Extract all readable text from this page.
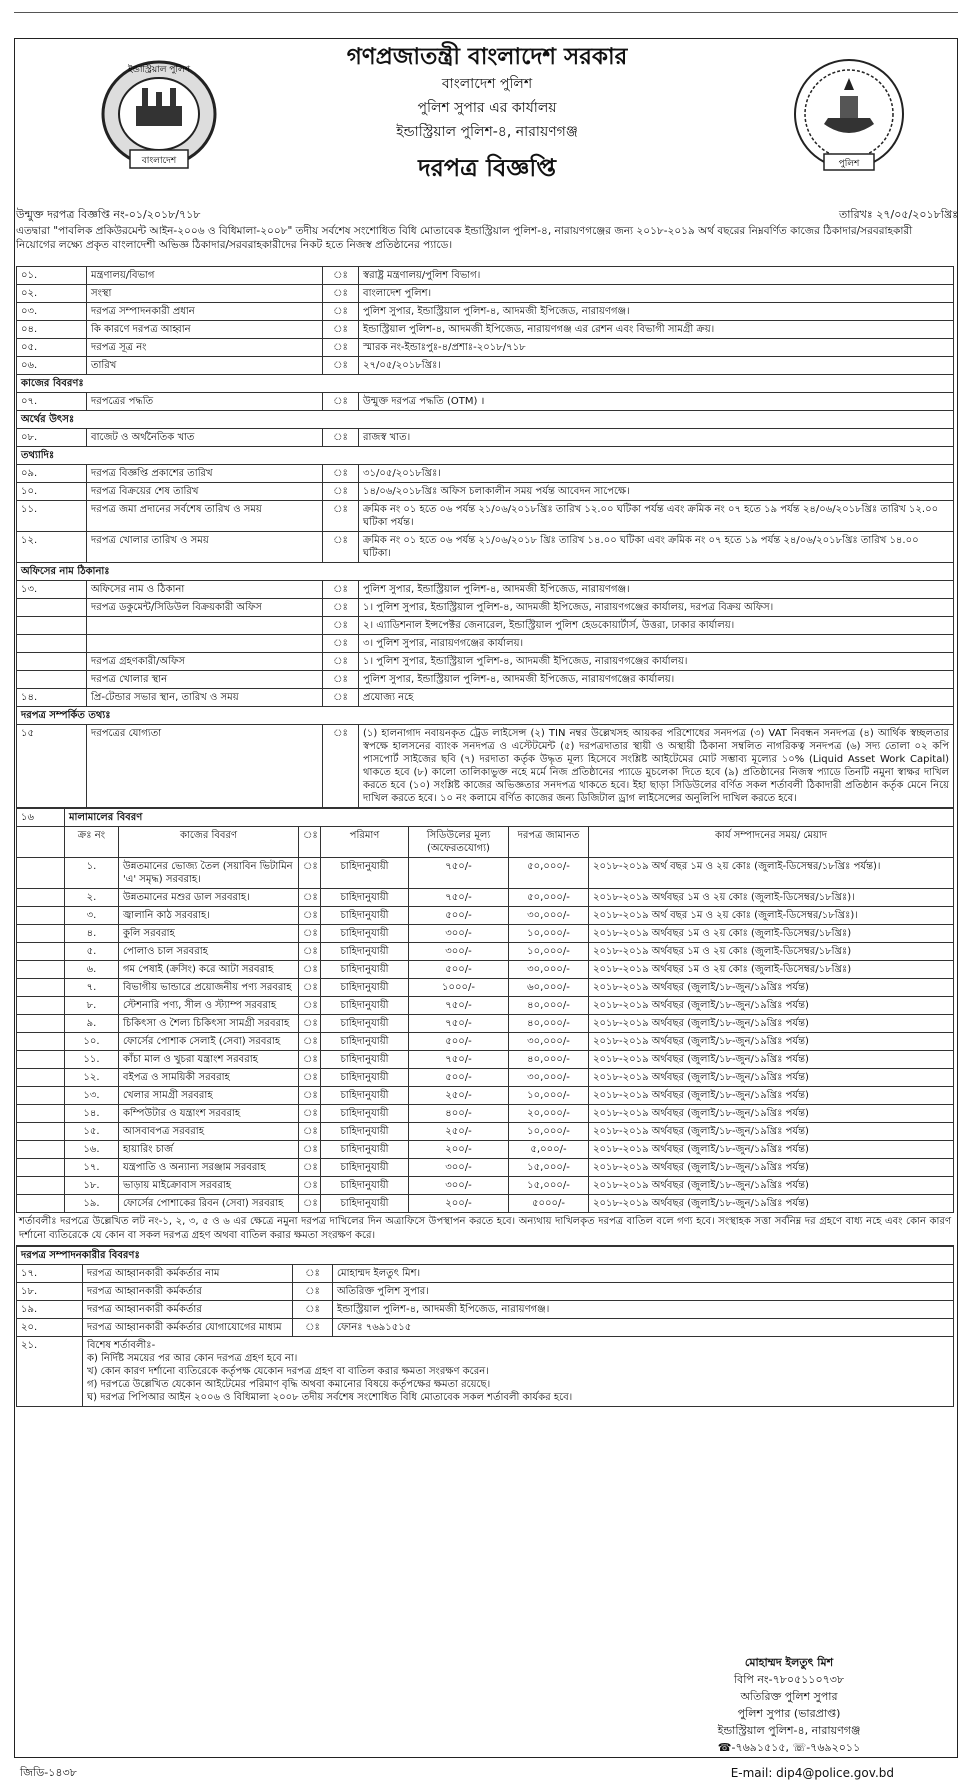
ইন্ডাস্ট্রিয়াল পুলিশ
বাংলাদেশ	পুলিশ
গণপ্রজাতন্ত্রী বাংলাদেশ সরকার
বাংলাদেশ পুলিশ
পুলিশ সুপার এর কার্যালয়
ইন্ডাস্ট্রিয়াল পুলিশ-৪, নারায়ণগঞ্জ
দরপত্র বিজ্ঞপ্তি
উন্মুক্ত দরপত্র বিজ্ঞপ্তি নং-০১/২০১৮/৭১৮	তারিখঃ ২৭/০৫/২০১৮খ্রিঃ
এতদ্বারা "পাবলিক প্রকিউরমেন্ট আইন-২০০৬ ও বিধিমালা-২০০৮" তদীয় সর্বশেষ সংশোধিত বিধি মোতাবেক ইন্ডাস্ট্রিয়াল পুলিশ-৪, নারায়ণগঞ্জের জন্য ২০১৮-২০১৯ অর্থ বছরের নিম্নবর্ণিত কাজের ঠিকাদার/সরবরাহকারী নিয়োগের লক্ষ্যে প্রকৃত বাংলাদেশী অভিজ্ঞ ঠিকাদার/সরবরাহকারীদের নিকট হতে নিজস্ব প্রতিষ্ঠানের প্যাডে।
০১.	মন্ত্রণালয়/বিভাগ	ঃ	স্বরাষ্ট্র মন্ত্রণালয়/পুলিশ বিভাগ।
০২.	সংস্থা	ঃ	বাংলাদেশ পুলিশ।
০৩.	দরপত্র সম্পাদনকারী প্রধান	ঃ	পুলিশ সুপার, ইন্ডাস্ট্রিয়াল পুলিশ-৪, আদমজী ইপিজেড, নারায়ণগঞ্জ।
০৪.	কি কারণে দরপত্র আহ্বান	ঃ	ইন্ডাস্ট্রিয়াল পুলিশ-৪, আদমজী ইপিজেড, নারায়ণগঞ্জ এর রেশন এবং বিভাগী সামগ্রী ক্রয়।
০৫.	দরপত্র সূত্র নং	ঃ	স্মারক নং-ইন্ডাঃপুঃ-৪/প্রশাঃ-২০১৮/৭১৮
০৬.	তারিখ	ঃ	২৭/০৫/২০১৮খ্রিঃ।
কাজের বিবরণঃ			
০৭.	দরপত্রের পদ্ধতি	ঃ	উন্মুক্ত দরপত্র পদ্ধতি (OTM) ।
অর্থের উৎসঃ			
০৮.	বাজেট ও অর্থনৈতিক খাত	ঃ	রাজস্ব খাত।
তথ্যাদিঃ			
০৯.	দরপত্র বিজ্ঞপ্তি প্রকাশের তারিখ	ঃ	৩১/০৫/২০১৮খ্রিঃ।
১০.	দরপত্র বিক্রয়ের শেষ তারিখ	ঃ	১৪/০৬/২০১৮খ্রিঃ অফিস চলাকালীন সময় পর্যন্ত আবেদন সাপেক্ষে।
১১.	দরপত্র জমা প্রদানের সর্বশেষ তারিখ ও সময়	ঃ	ক্রমিক নং ০১ হতে ০৬ পর্যন্ত ২১/০৬/২০১৮খ্রিঃ তারিখ ১২.০০ ঘটিকা পর্যন্ত এবং ক্রমিক নং ০৭ হতে ১৯ পর্যন্ত ২৪/০৬/২০১৮খ্রিঃ তারিখ ১২.০০ ঘটিকা পর্যন্ত।
১২.	দরপত্র খোলার তারিখ ও সময়	ঃ	ক্রমিক নং ০১ হতে ০৬ পর্যন্ত ২১/০৬/২০১৮ খ্রিঃ তারিখ ১৪.০০ ঘটিকা এবং ক্রমিক নং ০৭ হতে ১৯ পর্যন্ত ২৪/০৬/২০১৮খ্রিঃ তারিখ ১৪.০০ ঘটিকা।
অফিসের নাম ঠিকানাঃ			
১৩.	অফিসের নাম ও ঠিকানা	ঃ	পুলিশ সুপার, ইন্ডাস্ট্রিয়াল পুলিশ-৪, আদমজী ইপিজেড, নারায়ণগঞ্জ।
	দরপত্র ডকুমেন্ট/সিডিউল বিক্রয়কারী অফিস	ঃ	১। পুলিশ সুপার, ইন্ডাস্ট্রিয়াল পুলিশ-৪, আদমজী ইপিজেড, নারায়ণগঞ্জের কার্যালয়, দরপত্র বিক্রয় অফিস।
		ঃ	২। এ্যাডিশনাল ইন্সপেক্টর জেনারেল, ইন্ডাস্ট্রিয়াল পুলিশ হেডকোয়ার্টার্স, উত্তরা, ঢাকার কার্যালয়।
		ঃ	৩। পুলিশ সুপার, নারায়ণগঞ্জের কার্যালয়।
	দরপত্র গ্রহণকারী/অফিস	ঃ	১। পুলিশ সুপার, ইন্ডাস্ট্রিয়াল পুলিশ-৪, আদমজী ইপিজেড, নারায়ণগঞ্জের কার্যালয়।
	দরপত্র খোলার স্থান	ঃ	পুলিশ সুপার, ইন্ডাস্ট্রিয়াল পুলিশ-৪, আদমজী ইপিজেড, নারায়ণগঞ্জের কার্যালয়।
১৪.	প্রি-টেন্ডার সভার স্থান, তারিখ ও সময়	ঃ	প্রযোজ্য নহে
দরপত্র সম্পর্কিত তথ্যঃ			
১৫	দরপত্রের যোগ্যতা	ঃ	(১) হালনাগাদ নবায়নকৃত ট্রেড লাইসেন্স (২) TIN নম্বর উল্লেখসহ আয়কর পরিশোধের সনদপত্র (৩) VAT নিবন্ধন সনদপত্র (৪) আর্থিক স্বচ্ছলতার স্বপক্ষে হালসনের ব্যাংক সনদপত্র ও এস্টেটমেন্ট (৫) দরপত্রদাতার স্থায়ী ও অস্থায়ী ঠিকানা সম্বলিত নাগরিকত্ব সনদপত্র (৬) সদ্য তোলা ০২ কপি পাসপোর্ট সাইজের ছবি (৭) দরদাতা কর্তৃক উদ্ধৃত মূল্য হিসেবে সংশ্লিষ্ট আইটেমের মোট সম্ভাব্য মূল্যের ১০% (Liquid Asset Work Capital) থাকতে হবে (৮) কালো তালিকাভুক্ত নহে মর্মে নিজ প্রতিষ্ঠানের প্যাডে মুচলেকা দিতে হবে (৯) প্রতিষ্ঠানের নিজস্ব প্যাডে তিনটি নমুনা স্বাক্ষর দাখিল করতে হবে (১০) সংশ্লিষ্ট কাজের অভিজ্ঞতার সনদপত্র থাকতে হবে। ইহা ছাড়া সিডিউলের বর্ণিত সকল শর্তাবলী ঠিকাদারী প্রতিষ্ঠান কর্তৃক মেনে নিয়ে দাখিল করতে হবে। ১০ নং কলামে বর্ণিত কাজের জন্য ডিজিটাল ড্রাগ লাইসেন্সের অনুলিপি দাখিল করতে হবে।
১৬	মালামালের বিবরণ						
	ক্রঃ নং	কাজের বিবরণ	ঃ	পরিমাণ	সিডিউলের মূল্য (অফেরতযোগ্য)	দরপত্র জামানত	কার্য সম্পাদনের সময়/ মেয়াদ
	১.	উন্নতমানের ভোজ্য তৈল (সয়াবিন ভিটামিন 'এ' সমৃদ্ধ) সরবরাহ।	ঃ	চাহিদানুযায়ী	৭৫০/-	৫০,০০০/-	২০১৮-২০১৯ অর্থ বছর ১ম ও ২য় কোঃ (জুলাই-ডিসেম্বর/১৮খ্রিঃ পর্যন্ত)।
	২.	উন্নতমানের মশুর ডাল সরবরাহ।	ঃ	চাহিদানুযায়ী	৭৫০/-	৫০,০০০/-	২০১৮-২০১৯ অর্থবছর ১ম ও ২য় কোঃ (জুলাই-ডিসেম্বর/১৮খ্রিঃ)।
	৩.	জ্বালানি কাঠ সরবরাহ।	ঃ	চাহিদানুযায়ী	৫০০/-	৩০,০০০/-	২০১৮-২০১৯ অর্থ বছর ১ম ও ২য় কোঃ (জুলাই-ডিসেম্বর/১৮খ্রিঃ)।
	৪.	কুলি সরবরাহ	ঃ	চাহিদানুযায়ী	৩০০/-	১০,০০০/-	২০১৮-২০১৯ অর্থবছর ১ম ও ২য় কোঃ (জুলাই-ডিসেম্বর/১৮খ্রিঃ)
	৫.	পোলাও চাল সরবরাহ	ঃ	চাহিদানুযায়ী	৩০০/-	১০,০০০/-	২০১৮-২০১৯ অর্থবছর ১ম ও ২য় কোঃ (জুলাই-ডিসেম্বর/১৮খ্রিঃ)
	৬.	গম পেষাই (ক্রসিং) করে আটা সরবরাহ	ঃ	চাহিদানুযায়ী	৫০০/-	৩০,০০০/-	২০১৮-২০১৯ অর্থবছর ১ম ও ২য় কোঃ (জুলাই-ডিসেম্বর/১৮খ্রিঃ)
	৭.	বিভাগীয় ভান্ডারে প্রয়োজনীয় পণ্য সরবরাহ	ঃ	চাহিদানুযায়ী	১০০০/-	৬০,০০০/-	২০১৮-২০১৯ অর্থবছর (জুলাই/১৮-জুন/১৯খ্রিঃ পর্যন্ত)
	৮.	স্টেশনারি পণ্য, সীল ও স্ট্যাম্প সরবরাহ	ঃ	চাহিদানুযায়ী	৭৫০/-	৪০,০০০/-	২০১৮-২০১৯ অর্থবছর (জুলাই/১৮-জুন/১৯খ্রিঃ পর্যন্ত)
	৯.	চিকিৎসা ও শৈল্য চিকিৎসা সামগ্রী সরবরাহ	ঃ	চাহিদানুযায়ী	৭৫০/-	৪০,০০০/-	২০১৮-২০১৯ অর্থবছর (জুলাই/১৮-জুন/১৯খ্রিঃ পর্যন্ত)
	১০.	ফোর্সের পোশাক সেলাই (সেবা) সরবরাহ	ঃ	চাহিদানুযায়ী	৫০০/-	৩০,০০০/-	২০১৮-২০১৯ অর্থবছর (জুলাই/১৮-জুন/১৯খ্রিঃ পর্যন্ত)
	১১.	কাঁচা মাল ও খুচরা যন্ত্রাংশ সরবরাহ	ঃ	চাহিদানুযায়ী	৭৫০/-	৪০,০০০/-	২০১৮-২০১৯ অর্থবছর (জুলাই/১৮-জুন/১৯খ্রিঃ পর্যন্ত)
	১২.	বইপত্র ও সাময়িকী সরবরাহ	ঃ	চাহিদানুযায়ী	৫০০/-	৩০,০০০/-	২০১৮-২০১৯ অর্থবছর (জুলাই/১৮-জুন/১৯খ্রিঃ পর্যন্ত)
	১৩.	খেলার সামগ্রী সরবরাহ	ঃ	চাহিদানুযায়ী	২৫০/-	১০,০০০/-	২০১৮-২০১৯ অর্থবছর (জুলাই/১৮-জুন/১৯খ্রিঃ পর্যন্ত)
	১৪.	কম্পিউটার ও যন্ত্রাংশ সরবরাহ	ঃ	চাহিদানুযায়ী	৪০০/-	২০,০০০/-	২০১৮-২০১৯ অর্থবছর (জুলাই/১৮-জুন/১৯খ্রিঃ পর্যন্ত)
	১৫.	আসবাবপত্র সরবরাহ	ঃ	চাহিদানুযায়ী	২৫০/-	১০,০০০/-	২০১৮-২০১৯ অর্থবছর (জুলাই/১৮-জুন/১৯খ্রিঃ পর্যন্ত)
	১৬.	হায়ারিং চার্জ	ঃ	চাহিদানুযায়ী	২০০/-	৫,০০০/-	২০১৮-২০১৯ অর্থবছর (জুলাই/১৮-জুন/১৯খ্রিঃ পর্যন্ত)
	১৭.	যন্ত্রপাতি ও অন্যান্য সরঞ্জাম সরবরাহ	ঃ	চাহিদানুযায়ী	৩০০/-	১৫,০০০/-	২০১৮-২০১৯ অর্থবছর (জুলাই/১৮-জুন/১৯খ্রিঃ পর্যন্ত)
	১৮.	ভাড়ায় মাইক্রোবাস সরবরাহ	ঃ	চাহিদানুযায়ী	৩০০/-	১৫,০০০/-	২০১৮-২০১৯ অর্থবছর (জুলাই/১৮-জুন/১৯খ্রিঃ পর্যন্ত)
	১৯.	ফোর্সের পোশাকের রিবন (সেবা) সরবরাহ	ঃ	চাহিদানুযায়ী	২০০/-	৫০০০/-	২০১৮-২০১৯ অর্থবছর (জুলাই/১৮-জুন/১৯খ্রিঃ পর্যন্ত)
শর্তাবলীঃ দরপত্রে উল্লেখিত লট নং-১, ২, ৩, ৫ ও ৬ এর ক্ষেত্রে নমুনা দরপত্র দাখিলের দিন অত্রাফিসে উপস্থাপন করতে হবে। অন্যথায় দাখিলকৃত দরপত্র বাতিল বলে গণ্য হবে। সংস্থাহক সত্তা সর্বনিম্ন দর গ্রহণে বাধ্য নহে এবং কোন কারণ দর্শানো ব্যতিরেকে যে কোন বা সকল দরপত্র গ্রহণ অথবা বাতিল করার ক্ষমতা সংরক্ষণ করে।
দরপত্র সম্পাদনকারীর বিবরণঃ			
১৭.	দরপত্র আহ্বানকারী কর্মকর্তার নাম	ঃ	মোহাম্মদ ইলতুৎ মিশ।
১৮.	দরপত্র আহ্বানকারী কর্মকর্তার	ঃ	অতিরিক্ত পুলিশ সুপার।
১৯.	দরপত্র আহ্বানকারী কর্মকর্তার	ঃ	ইন্ডাস্ট্রিয়াল পুলিশ-৪, আদমজী ইপিজেড, নারায়ণগঞ্জ।
২০.	দরপত্র আহ্বানকারী কর্মকর্তার যোগাযোগের মাধ্যম	ঃ	ফোনঃ ৭৬৯১৫১৫
২১.	বিশেষ শর্তাবলীঃ-
ক) নির্দিষ্ট সময়ের পর আর কোন দরপত্র গ্রহণ হবে না।
খ) কোন কারণ দর্শানো ব্যতিরেকে কর্তৃপক্ষ যেকোন দরপত্র গ্রহণ বা বাতিল করার ক্ষমতা সংরক্ষণ করেন।
গ) দরপত্রে উল্লেখিত যেকোন আইটেমের পরিমাণ বৃদ্ধি অথবা কমানোর বিষয়ে কর্তৃপক্ষের ক্ষমতা রয়েছে।
ঘ) দরপত্র পিপিআর আইন ২০০৬ ও বিধিমালা ২০০৮ তদীয় সর্বশেষ সংশোধিত বিধি মোতাবেক সকল শর্তাবলী কার্যকর হবে।		
মোহাম্মদ ইলতুৎ মিশ
বিপি নং-৭৮০৫১১০৭৩৮
অতিরিক্ত পুলিশ সুপার
পুলিশ সুপার (ভারপ্রাপ্ত)
ইন্ডাস্ট্রিয়াল পুলিশ-৪, নারায়ণগঞ্জ
☎-৭৬৯১৫১৫, ☏-৭৬৯২০১১
E-mail: dip4@police.gov.bd
জিডি-১৪৩৮
